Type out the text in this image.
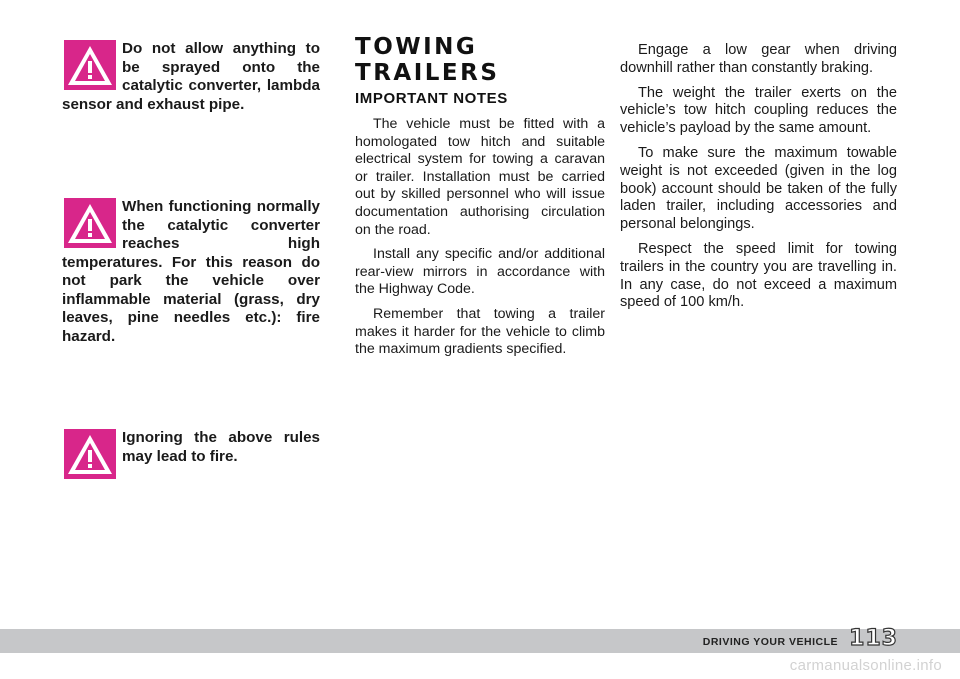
Do not allow anything to be sprayed onto the catalytic converter, lambda sensor and exhaust pipe.

When functioning normally the catalytic converter reaches high temperatures. For this reason do not park the vehicle over inflammable material (grass, dry leaves, pine needles etc.): fire hazard.

Ignoring the above rules may lead to fire.

TOWING TRAILERS
IMPORTANT NOTES

The vehicle must be fitted with a homologated tow hitch and suitable electrical system for towing a caravan or trailer. Installation must be carried out by skilled personnel who will issue documentation authorising circulation on the road.

Install any specific and/or additional rear-view mirrors in accordance with the Highway Code.

Remember that towing a trailer makes it harder for the vehicle to climb the maximum gradients specified.

Engage a low gear when driving downhill rather than constantly braking.

The weight the trailer exerts on the vehicle’s tow hitch coupling reduces the vehicle’s payload by the same amount.

To make sure the maximum towable weight is not exceeded (given in the log book) account should be taken of the fully laden trailer, including accessories and personal belongings.

Respect the speed limit for towing trailers in the country you are travelling in. In any case, do not exceed a maximum speed of 100 km/h.

DRIVING YOUR VEHICLE 113

carmanualsonline.info
